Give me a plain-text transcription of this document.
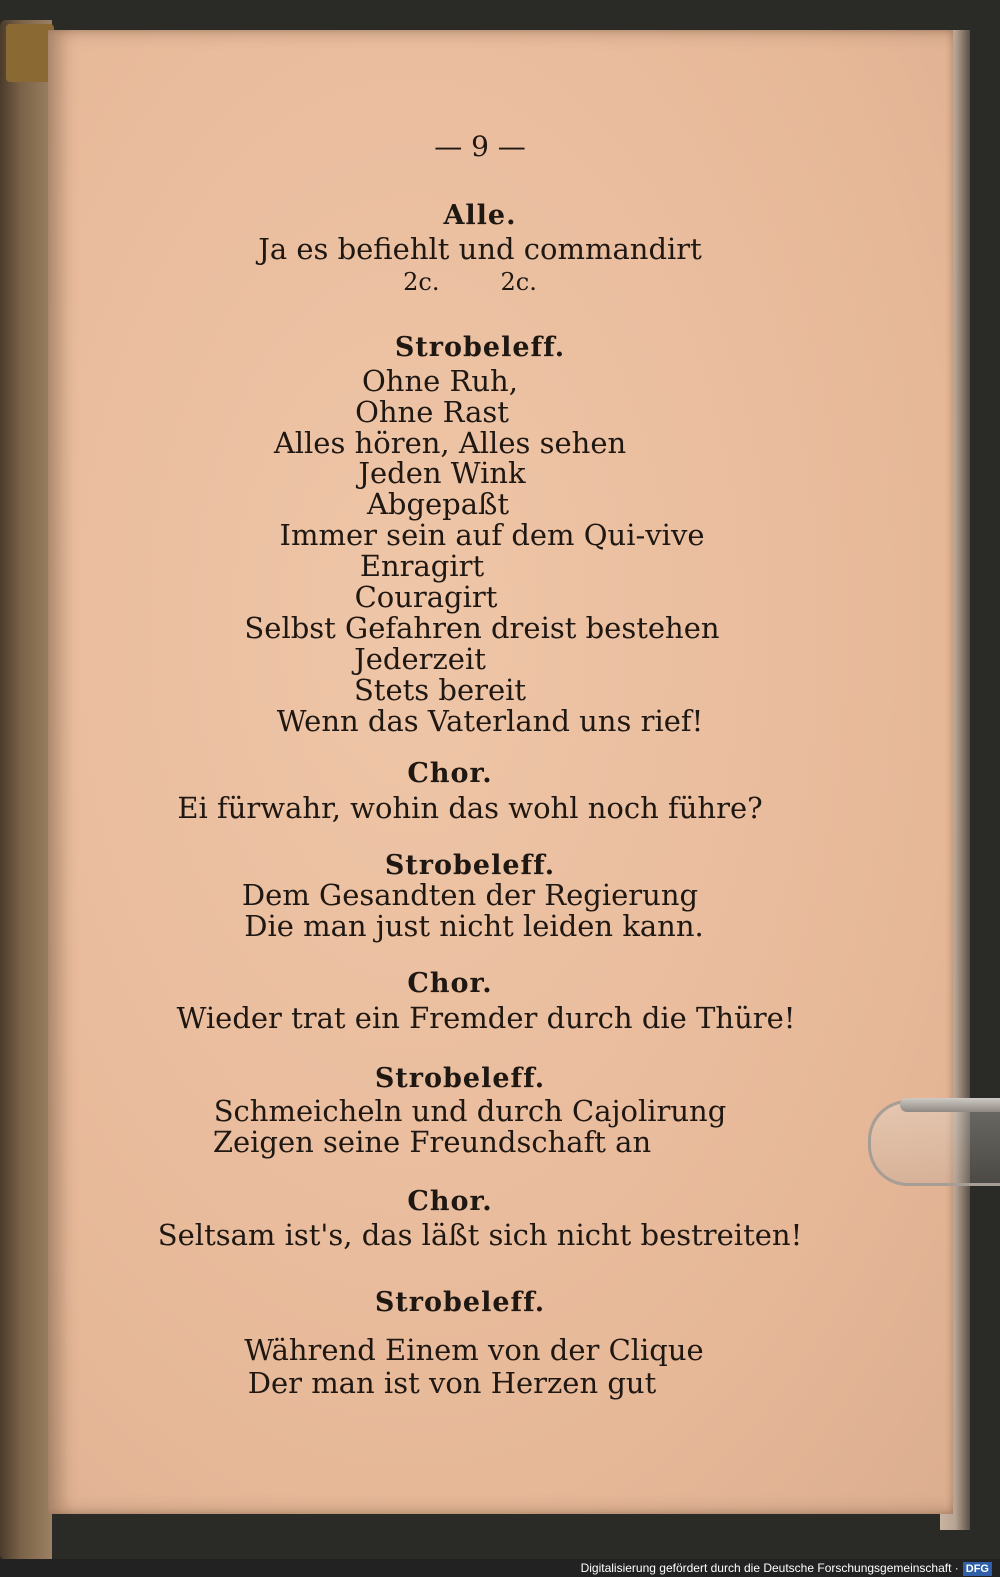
— 9 —
Alle.
Ja es befiehlt und commandirt
2c.        2c.
Strobeleff.
Ohne Ruh,
Ohne Rast
Alles hören, Alles sehen
Jeden Wink
Abgepaßt
Immer sein auf dem Qui-vive
Enragirt
Couragirt
Selbst Gefahren dreist bestehen
Jederzeit
Stets bereit
Wenn das Vaterland uns rief!
Chor.
Ei fürwahr, wohin das wohl noch führe?
Strobeleff.
Dem Gesandten der Regierung
Die man just nicht leiden kann.
Chor.
Wieder trat ein Fremder durch die Thüre!
Strobeleff.
Schmeicheln und durch Cajolirung
Zeigen seine Freundschaft an
Chor.
Seltsam ist's, das läßt sich nicht bestreiten!
Strobeleff.
Während Einem von der Clique
Der man ist von Herzen gut
Digitalisierung gefördert durch die Deutsche Forschungsgemeinschaft · DFG
